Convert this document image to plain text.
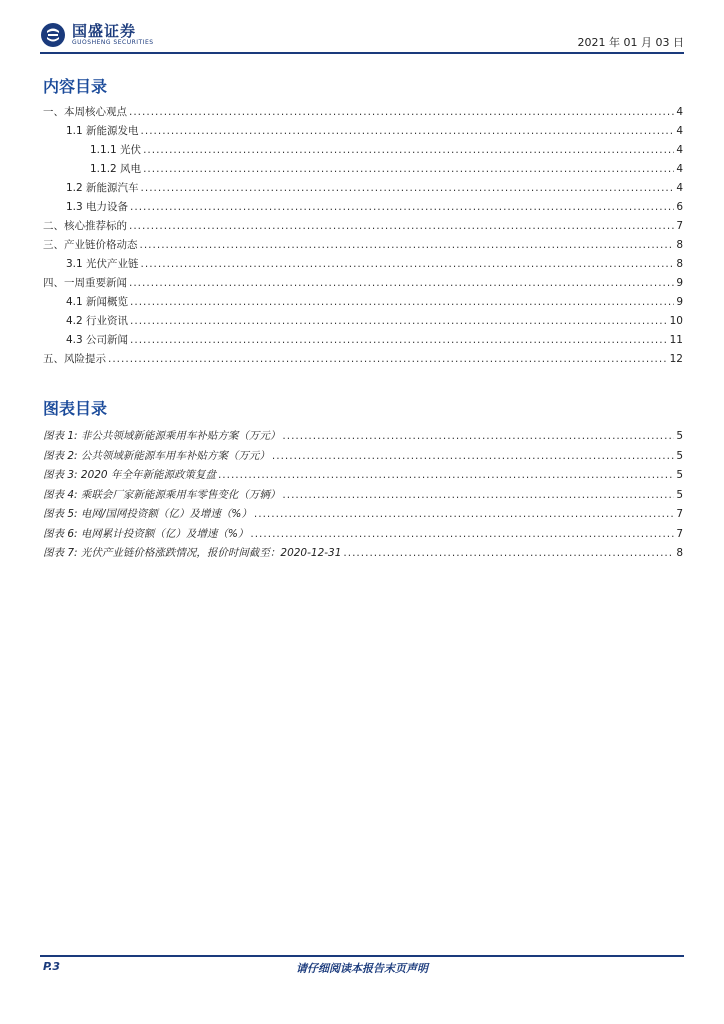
国盛证券
GUOSHENG SECURITIES	2021 年 01 月 03 日
内容目录
一、本周核心观点 .....	4
1.1 新能源发电 .....	4
1.1.1 光伏 .....	4
1.1.2 风电 .....	4
1.2 新能源汽车 .....	4
1.3 电力设备 .....	6
二、核心推荐标的 .....	7
三、产业链价格动态 .....	8
3.1 光伏产业链 .....	8
四、一周重要新闻 .....	9
4.1 新闻概览 .....	9
4.2 行业资讯 .....	10
4.3 公司新闻 .....	11
五、风险提示 .....	12
图表目录
图表 1: 非公共领域新能源乘用车补贴方案（万元） .....	5
图表 2: 公共领域新能源车用车补贴方案（万元） .....	5
图表 3: 2020 年全年新能源政策复盘 .....	5
图表 4: 乘联会厂家新能源乘用车零售变化（万辆） .....	5
图表 5: 电网/国网投资额（亿）及增速（%） .....	7
图表 6: 电网累计投资额（亿）及增速（%） .....	7
图表 7: 光伏产业链价格涨跌情况，报价时间截至：2020-12-31 .....	8
P.3	请仔细阅读本报告末页声明
